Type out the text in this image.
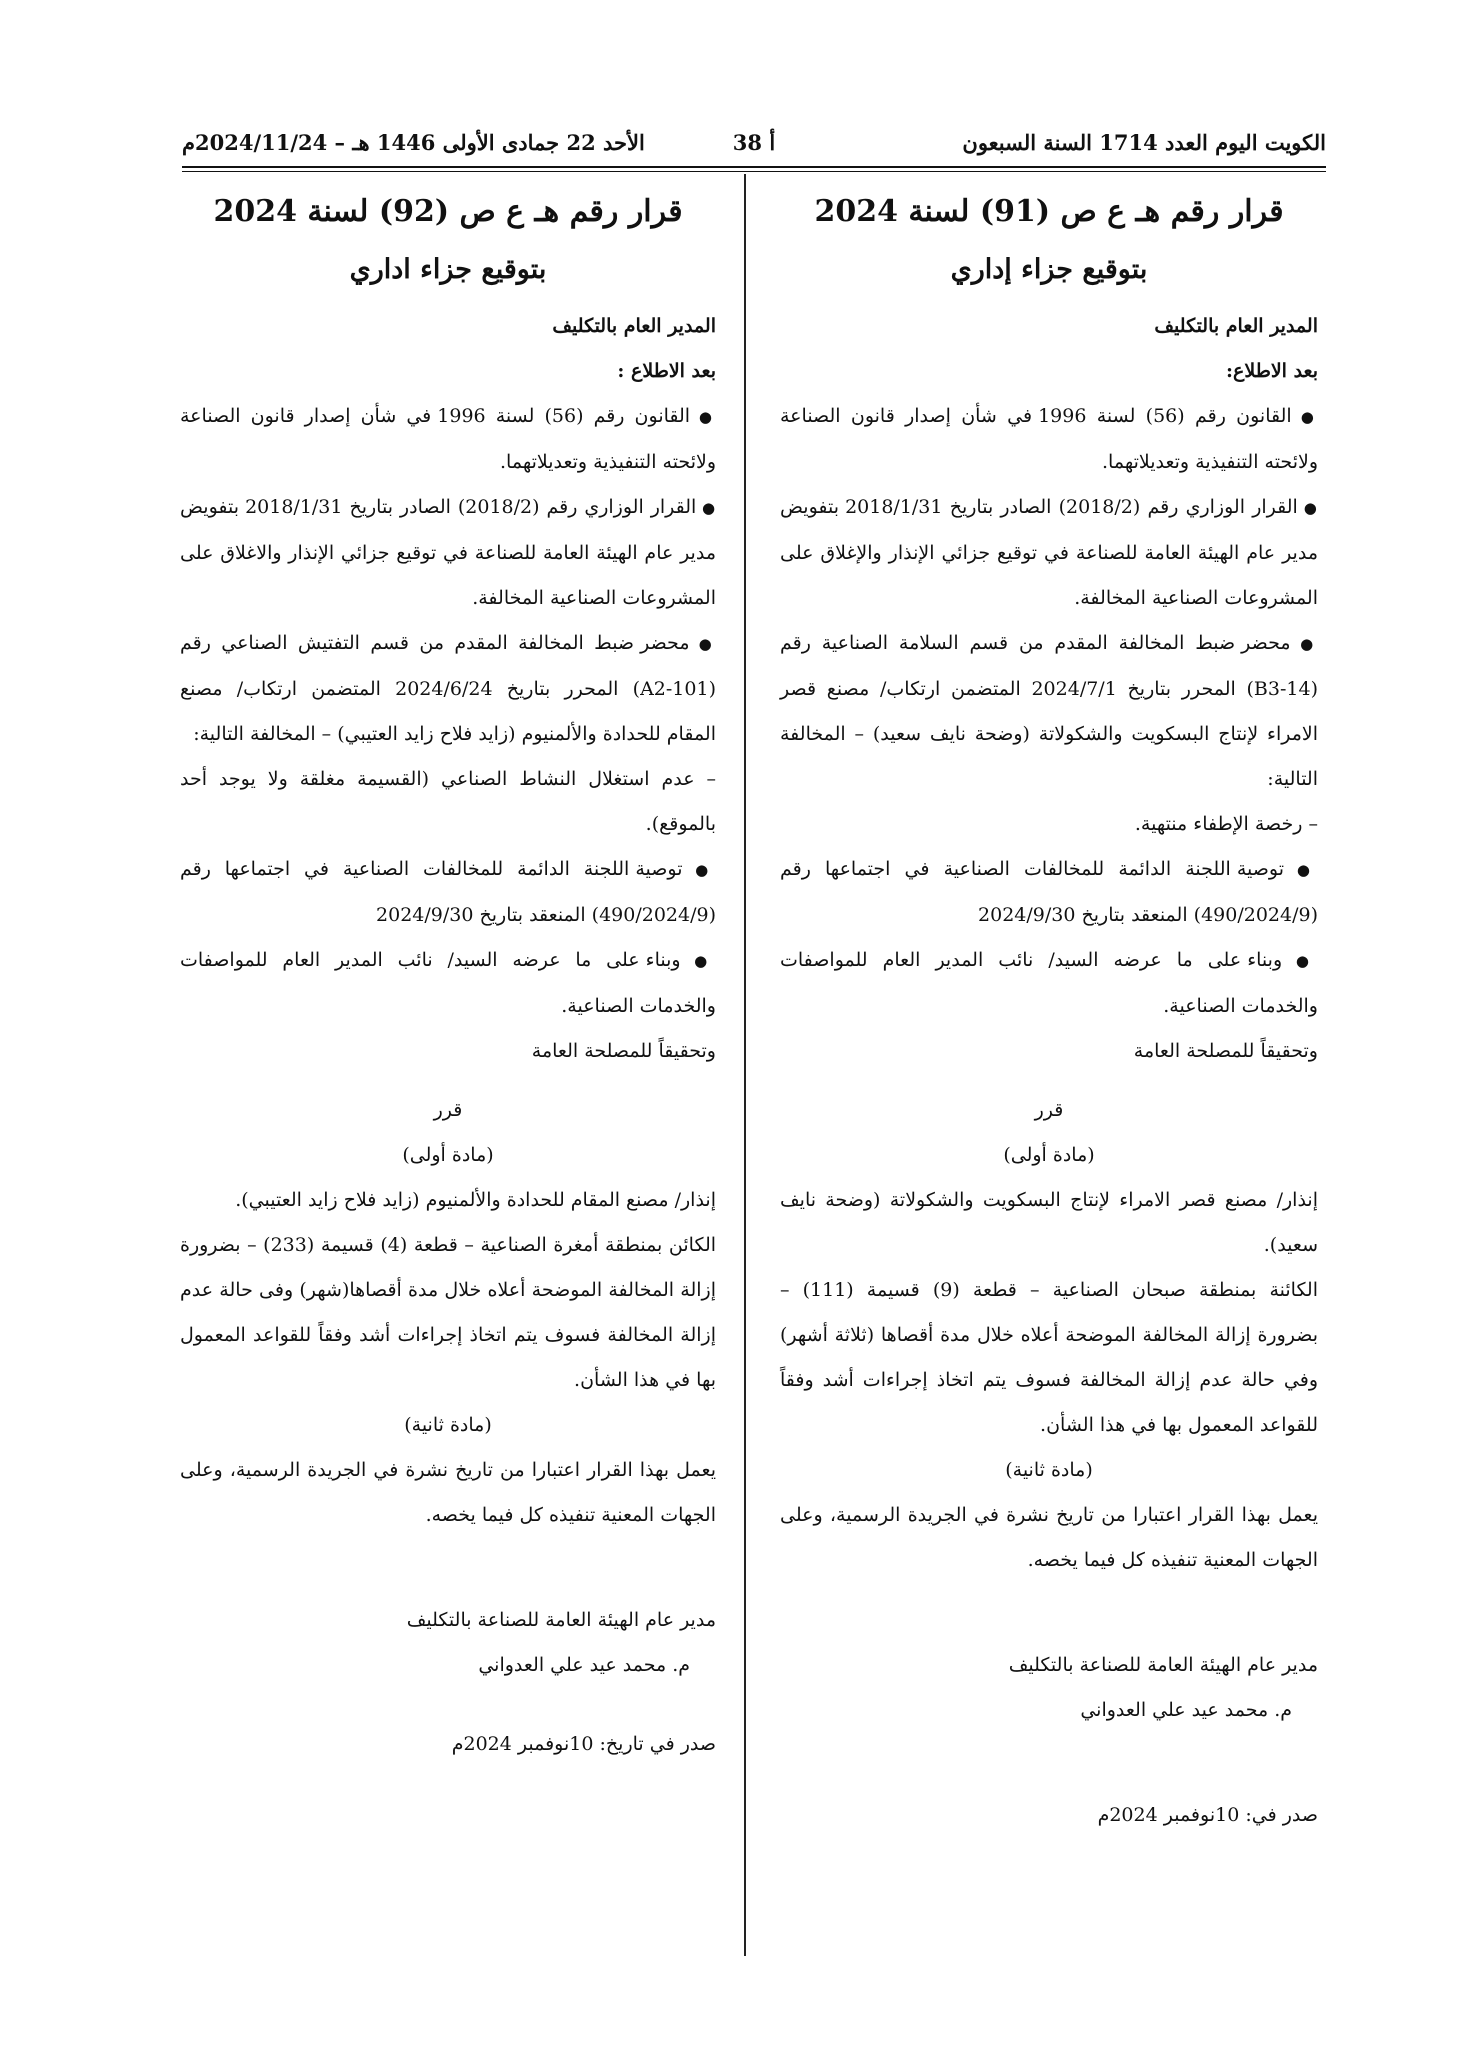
الكويت اليوم العدد 1714 السنة السبعون
أ 38
الأحد 22 جمادى الأولى 1446 هـ – 2024/11/24م

قرار رقم هـ ع ص (91) لسنة 2024

بتوقيع جزاء إداري

المدير العام بالتكليف

بعد الاطلاع:

● القانون رقم (56) لسنة 1996 في شأن إصدار قانون الصناعة ولائحته التنفيذية وتعديلاتهما.

● القرار الوزاري رقم (2018/2) الصادر بتاريخ 2018/1/31 بتفويض مدير عام الهيئة العامة للصناعة في توقيع جزائي الإنذار والإغلاق على المشروعات الصناعية المخالفة.

● محضر ضبط المخالفة المقدم من قسم السلامة الصناعية رقم (B3-14) المحرر بتاريخ 2024/7/1 المتضمن ارتكاب/ مصنع قصر الامراء لإنتاج البسكويت والشكولاتة (وضحة نايف سعيد) – المخالفة التالية:

– رخصة الإطفاء منتهية.

● توصية اللجنة الدائمة للمخالفات الصناعية في اجتماعها رقم (490/2024/9) المنعقد بتاريخ 2024/9/30

● وبناء على ما عرضه السيد/ نائب المدير العام للمواصفات والخدمات الصناعية.

وتحقيقاً للمصلحة العامة

قرر

(مادة أولى)

إنذار/ مصنع قصر الامراء لإنتاج البسكويت والشكولاتة (وضحة نايف سعيد).

الكائنة بمنطقة صبحان الصناعية – قطعة (9) قسيمة (111) – بضرورة إزالة المخالفة الموضحة أعلاه خلال مدة أقصاها (ثلاثة أشهر) وفي حالة عدم إزالة المخالفة فسوف يتم اتخاذ إجراءات أشد وفقاً للقواعد المعمول بها في هذا الشأن.

(مادة ثانية)

يعمل بهذا القرار اعتبارا من تاريخ نشرة في الجريدة الرسمية، وعلى الجهات المعنية تنفيذه كل فيما يخصه.

مدير عام الهيئة العامة للصناعة بالتكليف

م. محمد عيد علي العدواني

صدر في: 10نوفمبر 2024م

قرار رقم هـ ع ص (92) لسنة 2024

بتوقيع جزاء اداري

المدير العام بالتكليف

بعد الاطلاع :

● القانون رقم (56) لسنة 1996 في شأن إصدار قانون الصناعة ولائحته التنفيذية وتعديلاتهما.

● القرار الوزاري رقم (2018/2) الصادر بتاريخ 2018/1/31 بتفويض مدير عام الهيئة العامة للصناعة في توقيع جزائي الإنذار والاغلاق على المشروعات الصناعية المخالفة.

● محضر ضبط المخالفة المقدم من قسم التفتيش الصناعي رقم (A2-101) المحرر بتاريخ 2024/6/24 المتضمن ارتكاب/ مصنع المقام للحدادة والألمنيوم (زايد فلاح زايد العتيبي) – المخالفة التالية:

– عدم استغلال النشاط الصناعي (القسيمة مغلقة ولا يوجد أحد بالموقع).

● توصية اللجنة الدائمة للمخالفات الصناعية في اجتماعها رقم (490/2024/9) المنعقد بتاريخ 2024/9/30

● وبناء على ما عرضه السيد/ نائب المدير العام للمواصفات والخدمات الصناعية.

وتحقيقاً للمصلحة العامة

قرر

(مادة أولى)

إنذار/ مصنع المقام للحدادة والألمنيوم (زايد فلاح زايد العتيبي).

الكائن بمنطقة أمغرة الصناعية – قطعة (4) قسيمة (233) – بضرورة إزالة المخالفة الموضحة أعلاه خلال مدة أقصاها(شهر) وفى حالة عدم إزالة المخالفة فسوف يتم اتخاذ إجراءات أشد وفقاً للقواعد المعمول بها في هذا الشأن.

(مادة ثانية)

يعمل بهذا القرار اعتبارا من تاريخ نشرة في الجريدة الرسمية، وعلى الجهات المعنية تنفيذه كل فيما يخصه.

مدير عام الهيئة العامة للصناعة بالتكليف

م. محمد عيد علي العدواني

صدر في تاريخ: 10نوفمبر 2024م
